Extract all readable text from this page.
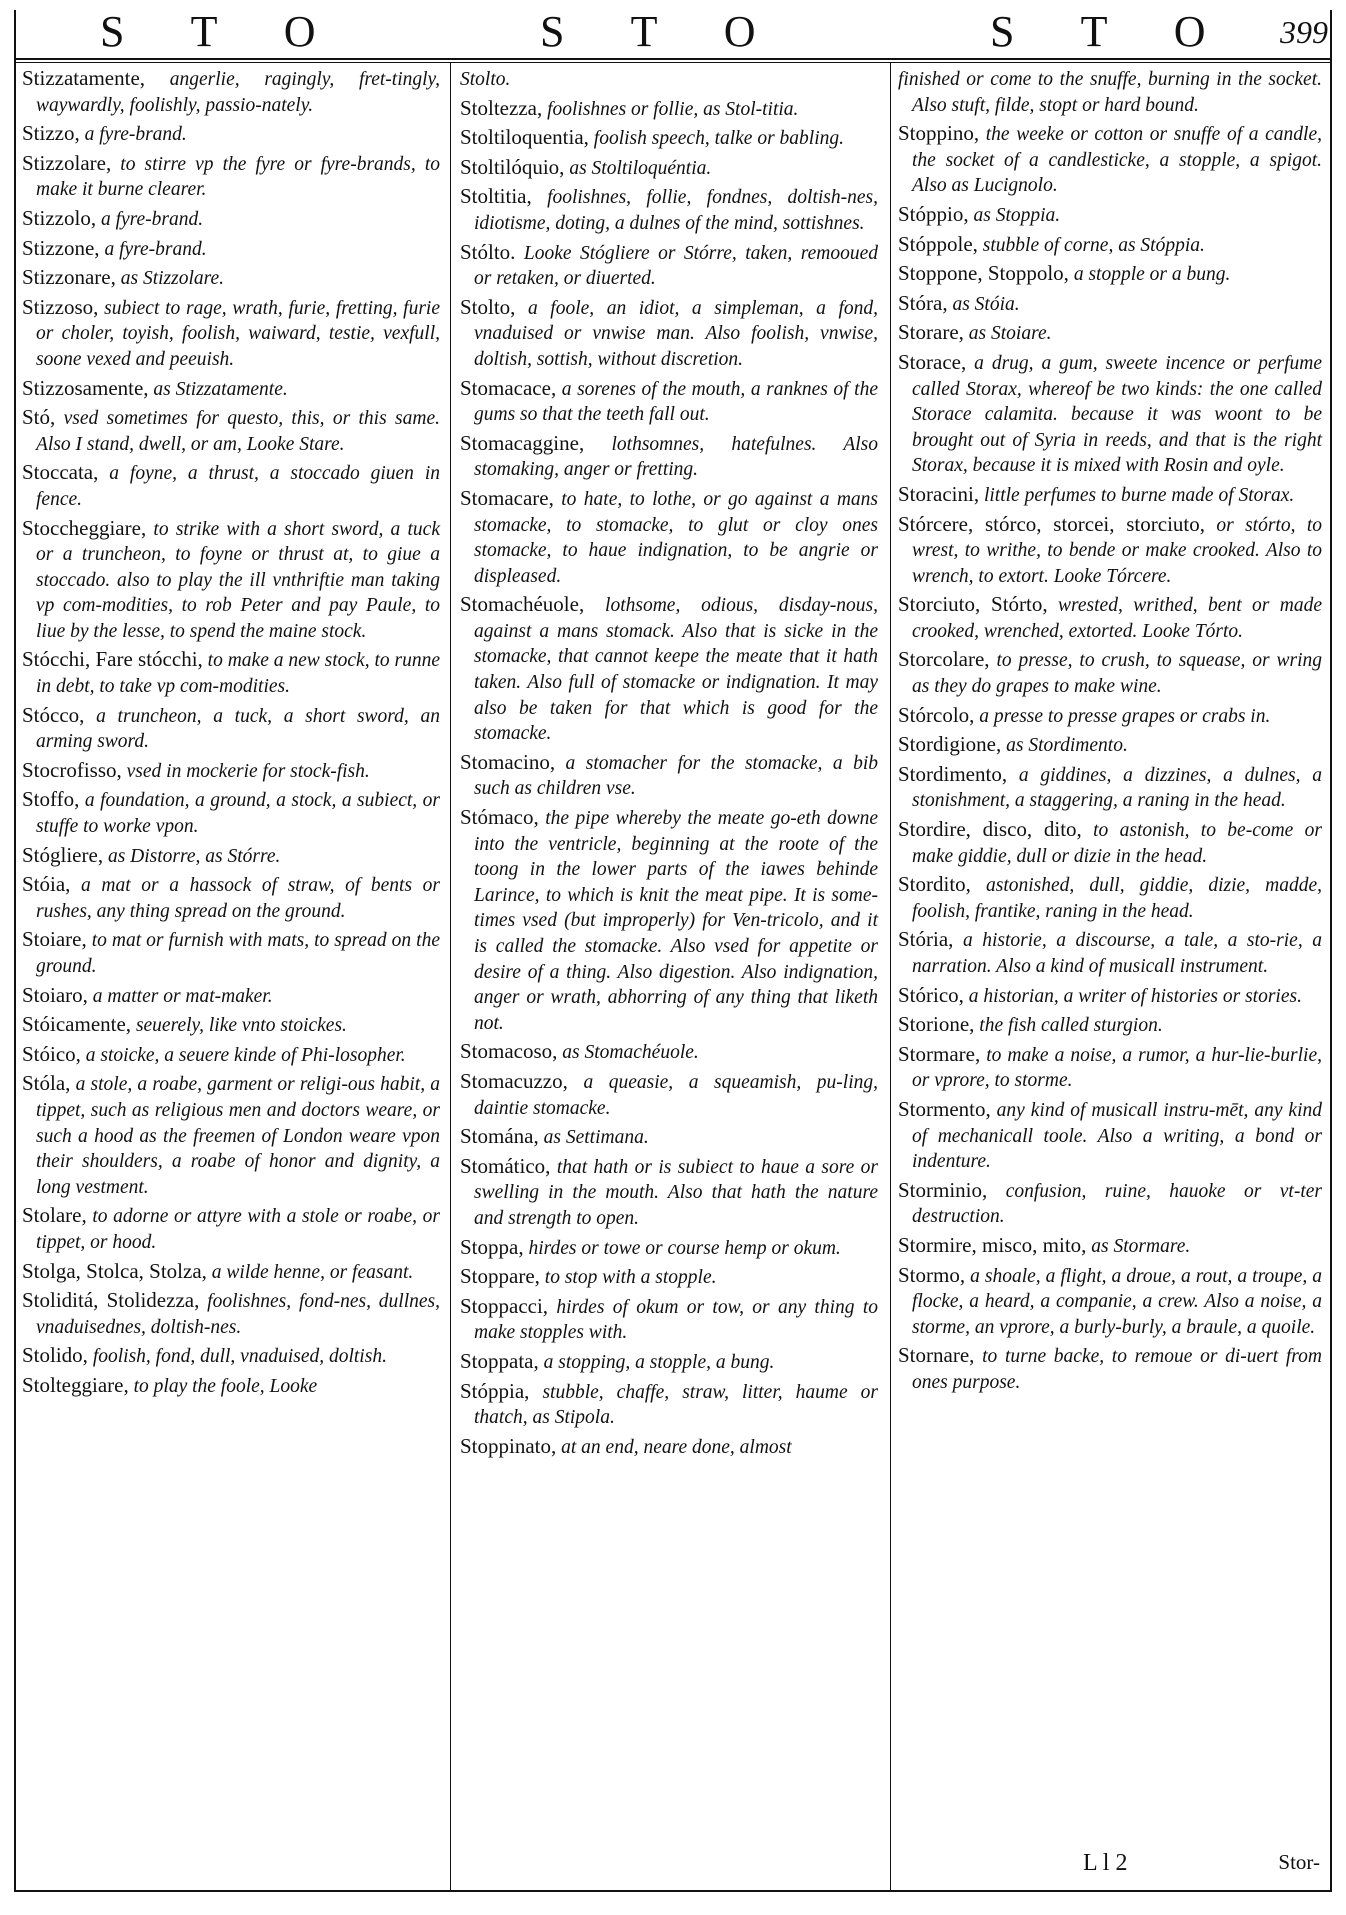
S T O	S T O	S T O 399
Stizzatamente, angerlie, ragingly, fret-tingly, waywardly, foolishly, passio-nately.
Stizzo, a fyre-brand.
Stizzolare, to stirre vp the fyre or fyre-brands, to make it burne clearer.
Stizzolo, a fyre-brand.
Stizzone, a fyre-brand.
Stizzonare, as Stizzolare.
Stizzoso, subiect to rage, wrath, furie, fretting, furie or choler, toyish, foolish, waiward, testie, vexfull, soone vexed and peeuish.
Stizzosamente, as Stizzatamente.
Stó, vsed sometimes for questo, this, or this same. Also I stand, dwell, or am, Looke Stare.
Stoccata, a foyne, a thrust, a stoccado giuen in fence.
Stoccheggiare, to strike with a short sword, a tuck or a truncheon, to foyne or thrust at, to giue a stoccado. also to play the ill vnthriftie man taking vp com-modities, to rob Peter and pay Paule, to liue by the lesse, to spend the maine stock.
Stócchi, Fare stócchi, to make a new stock, to runne in debt, to take vp com-modities.
Stócco, a truncheon, a tuck, a short sword, an arming sword.
Stocrofisso, vsed in mockerie for stock-fish.
Stoffo, a foundation, a ground, a stock, a subiect, or stuffe to worke vpon.
Stógliere, as Distorre, as Stórre.
Stóia, a mat or a hassock of straw, of bents or rushes, any thing spread on the ground.
Stoiare, to mat or furnish with mats, to spread on the ground.
Stoiaro, a matter or mat-maker.
Stóicamente, seuerely, like vnto stoickes.
Stóico, a stoicke, a seuere kinde of Phi-losopher.
Stóla, a stole, a roabe, garment or religi-ous habit, a tippet, such as religious men and doctors weare, or such a hood as the freemen of London weare vpon their shoulders, a roabe of honor and dignity, a long vestment.
Stolare, to adorne or attyre with a stole or roabe, or tippet, or hood.
Stolga, Stolca, Stolza, a wilde henne, or feasant.
Stoliditá, Stolidezza, foolishnes, fond-nes, dullnes, vnaduisednes, doltish-nes.
Stolido, foolish, fond, dull, vnaduised, doltish.
Stolteggiare, to play the foole, Looke
Stolto.
Stoltezza, foolishnes or follie, as Stol-titia.
Stoltiloquentia, foolish speech, talke or babling.
Stoltilóquio, as Stoltiloquéntia.
Stoltitia, foolishnes, follie, fondnes, doltish-nes, idiotisme, doting, a dulnes of the mind, sottishnes.
Stólto. Looke Stógliere or Stórre, taken, remooued or retaken, or diuerted.
Stolto, a foole, an idiot, a simpleman, a fond, vnaduised or vnwise man. Also foolish, vnwise, doltish, sottish, without discretion.
Stomacace, a sorenes of the mouth, a ranknes of the gums so that the teeth fall out.
Stomacaggine, lothsomnes, hatefulnes. Also stomaking, anger or fretting.
Stomacare, to hate, to lothe, or go against a mans stomacke, to stomacke, to glut or cloy ones stomacke, to haue indignation, to be angrie or displeased.
Stomachéuole, lothsome, odious, disday-nous, against a mans stomack. Also that is sicke in the stomacke, that cannot keepe the meate that it hath taken. Also full of stomacke or indignation. It may also be taken for that which is good for the stomacke.
Stomacino, a stomacher for the stomacke, a bib such as children vse.
Stómaco, the pipe whereby the meate go-eth downe into the ventricle, beginning at the roote of the toong in the lower parts of the iawes behinde Larince, to which is knit the meat pipe. It is some-times vsed (but improperly) for Ven-tricolo, and it is called the stomacke. Also vsed for appetite or desire of a thing. Also digestion. Also indignation, anger or wrath, abhorring of any thing that liketh not.
Stomacoso, as Stomachéuole.
Stomacuzzo, a queasie, a squeamish, pu-ling, daintie stomacke.
Stomána, as Settimana.
Stomático, that hath or is subiect to haue a sore or swelling in the mouth. Also that hath the nature and strength to open.
Stoppa, hirdes or towe or course hemp or okum.
Stoppare, to stop with a stopple.
Stoppacci, hirdes of okum or tow, or any thing to make stopples with.
Stoppata, a stopping, a stopple, a bung.
Stóppia, stubble, chaffe, straw, litter, haume or thatch, as Stipola.
Stoppinato, at an end, neare done, almost
finished or come to the snuffe, burning in the socket. Also stuft, filde, stopt or hard bound.
Stoppino, the weeke or cotton or snuffe of a candle, the socket of a candlesticke, a stopple, a spigot. Also as Lucignolo.
Stóppio, as Stoppia.
Stóppole, stubble of corne, as Stóppia.
Stoppone, Stoppolo, a stopple or a bung.
Stóra, as Stóia.
Storare, as Stoiare.
Storace, a drug, a gum, sweete incence or perfume called Storax, whereof be two kinds: the one called Storace calamita. because it was woont to be brought out of Syria in reeds, and that is the right Storax, because it is mixed with Rosin and oyle.
Storacini, little perfumes to burne made of Storax.
Stórcere, stórco, storcei, storciuto, or stórto, to wrest, to writhe, to bende or make crooked. Also to wrench, to extort. Looke Tórcere.
Storciuto, Stórto, wrested, writhed, bent or made crooked, wrenched, extorted. Looke Tórto.
Storcolare, to presse, to crush, to squease, or wring as they do grapes to make wine.
Stórcolo, a presse to presse grapes or crabs in.
Stordigione, as Stordimento.
Stordimento, a giddines, a dizzines, a dulnes, a stonishment, a staggering, a raning in the head.
Stordire, disco, dito, to astonish, to be-come or make giddie, dull or dizie in the head.
Stordito, astonished, dull, giddie, dizie, madde, foolish, frantike, raning in the head.
Stória, a historie, a discourse, a tale, a sto-rie, a narration. Also a kind of musicall instrument.
Stórico, a historian, a writer of histories or stories.
Storione, the fish called sturgion.
Stormare, to make a noise, a rumor, a hur-lie-burlie, or vprore, to storme.
Stormento, any kind of musicall instru-mēt, any kind of mechanicall toole. Also a writing, a bond or indenture.
Storminio, confusion, ruine, hauoke or vt-ter destruction.
Stormire, misco, mito, as Stormare.
Stormo, a shoale, a flight, a droue, a rout, a troupe, a flocke, a heard, a companie, a crew. Also a noise, a storme, an vprore, a burly-burly, a braule, a quoile.
Stornare, to turne backe, to remoue or di-uert from ones purpose.
L l 2	Stor-
